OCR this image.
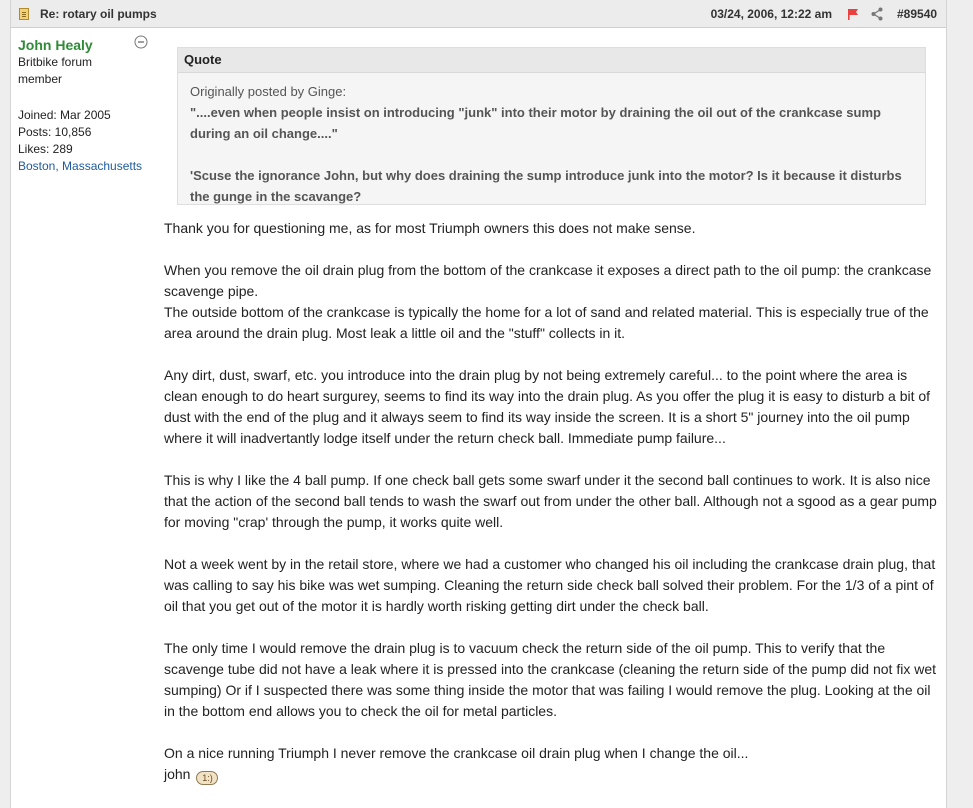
Re: rotary oil pumps	03/24, 2006, 12:22 am	#89540
John Healy
Britbike forum member
Joined: Mar 2005
Posts: 10,856
Likes: 289
Boston, Massachusetts
Quote
Originally posted by Ginge:
"....even when people insist on introducing "junk" into their motor by draining the oil out of the crankcase sump during an oil change...."
'Scuse the ignorance John, but why does draining the sump introduce junk into the motor? Is it because it disturbs the gunge in the scavange?

Thank you for questioning me, as for most Triumph owners this does not make sense.

When you remove the oil drain plug from the bottom of the crankcase it exposes a direct path to the oil pump: the crankcase scavenge pipe.

The outside bottom of the crankcase is typically the home for a lot of sand and related material. This is especially true of the area around the drain plug. Most leak a little oil and the "stuff" collects in it.

Any dirt, dust, swarf, etc. you introduce into the drain plug by not being extremely careful... to the point where the area is clean enough to do heart surgurey, seems to find its way into the drain plug. As you offer the plug it is easy to disturb a bit of dust with the end of the plug and it always seem to find its way inside the screen. It is a short 5" journey into the oil pump where it will inadvertantly lodge itself under the return check ball. Immediate pump failure...

This is why I like the 4 ball pump. If one check ball gets some swarf under it the second ball continues to work. It is also nice that the action of the second ball tends to wash the swarf out from under the other ball. Although not a sgood as a gear pump for moving "crap' through the pump, it works quite well.

Not a week went by in the retail store, where we had a customer who changed his oil including the crankcase drain plug, that was calling to say his bike was wet sumping. Cleaning the return side check ball solved their problem. For the 1/3 of a pint of oil that you get out of the motor it is hardly worth risking getting dirt under the check ball.

The only time I would remove the drain plug is to vacuum check the return side of the oil pump. This to verify that the scavenge tube did not have a leak where it is pressed into the crankcase (cleaning the return side of the pump did not fix wet sumping) Or if I suspected there was some thing inside the motor that was failing I would remove the plug. Looking at the oil in the bottom end allows you to check the oil for metal particles.

On a nice running Triumph I never remove the crankcase oil drain plug when I change the oil...

john 1:)
